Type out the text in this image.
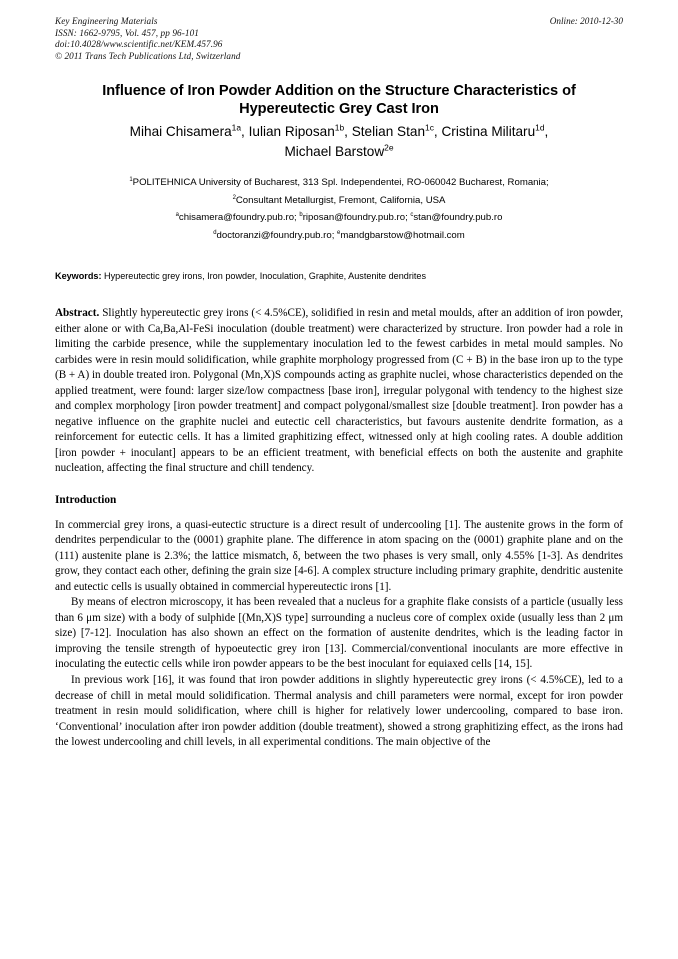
Key Engineering Materials	Online: 2010-12-30
ISSN: 1662-9795, Vol. 457, pp 96-101
doi:10.4028/www.scientific.net/KEM.457.96
© 2011 Trans Tech Publications Ltd, Switzerland
Influence of Iron Powder Addition on the Structure Characteristics of
Hypereutectic Grey Cast Iron
Mihai Chisamera$^{1a}$, Iulian Riposan$^{1b}$, Stelian Stan$^{1c}$, Cristina Militaru$^{1d}$,
Michael Barstow$^{2e}$
$^1$POLITEHNICA University of Bucharest, 313 Spl. Independentei, RO-060042 Bucharest, Romania;
$^2$Consultant Metallurgist, Fremont, California, USA
$^a$chisamera@foundry.pub.ro; $^b$riposan@foundry.pub.ro; $^c$stan@foundry.pub.ro
$^d$doctoranzi@foundry.pub.ro; $^e$mandgbarstow@hotmail.com
Keywords: Hypereutectic grey irons, Iron powder, Inoculation, Graphite, Austenite dendrites

Abstract. Slightly hypereutectic grey irons (< 4.5%CE), solidified in resin and metal moulds, after an addition of iron powder, either alone or with Ca,Ba,Al-FeSi inoculation (double treatment) were characterized by structure. Iron powder had a role in limiting the carbide presence, while the supplementary inoculation led to the fewest carbides in metal mould samples. No carbides were in resin mould solidification, while graphite morphology progressed from (C + B) in the base iron up to the type (B + A) in double treated iron. Polygonal (Mn,X)S compounds acting as graphite nuclei, whose characteristics depended on the applied treatment, were found: larger size/low compactness [base iron], irregular polygonal with tendency to the highest size and complex morphology [iron powder treatment] and compact polygonal/smallest size [double treatment]. Iron powder has a negative influence on the graphite nuclei and eutectic cell characteristics, but favours austenite dendrite formation, as a reinforcement for eutectic cells. It has a limited graphitizing effect, witnessed only at high cooling rates. A double addition [iron powder + inoculant] appears to be an efficient treatment, with beneficial effects on both the austenite and graphite nucleation, affecting the final structure and chill tendency.

Introduction

In commercial grey irons, a quasi-eutectic structure is a direct result of undercooling [1]. The austenite grows in the form of dendrites perpendicular to the (0001) graphite plane. The difference in atom spacing on the (0001) graphite plane and on the (111) austenite plane is 2.3%; the lattice mismatch, δ, between the two phases is very small, only 4.55% [1-3]. As dendrites grow, they contact each other, defining the grain size [4-6]. A complex structure including primary graphite, dendritic austenite and eutectic cells is usually obtained in commercial hypereutectic irons [1].

By means of electron microscopy, it has been revealed that a nucleus for a graphite flake consists of a particle (usually less than 6 μm size) with a body of sulphide [(Mn,X)S type] surrounding a nucleus core of complex oxide (usually less than 2 μm size) [7-12]. Inoculation has also shown an effect on the formation of austenite dendrites, which is the leading factor in improving the tensile strength of hypoeutectic grey iron [13]. Commercial/conventional inoculants are more effective in inoculating the eutectic cells while iron powder appears to be the best inoculant for equiaxed cells [14, 15].

In previous work [16], it was found that iron powder additions in slightly hypereutectic grey irons (< 4.5%CE), led to a decrease of chill in metal mould solidification. Thermal analysis and chill parameters were normal, except for iron powder treatment in resin mould solidification, where chill is higher for relatively lower undercooling, compared to base iron. ‘Conventional’ inoculation after iron powder addition (double treatment), showed a strong graphitizing effect, as the irons had the lowest undercooling and chill levels, in all experimental conditions. The main objective of the
